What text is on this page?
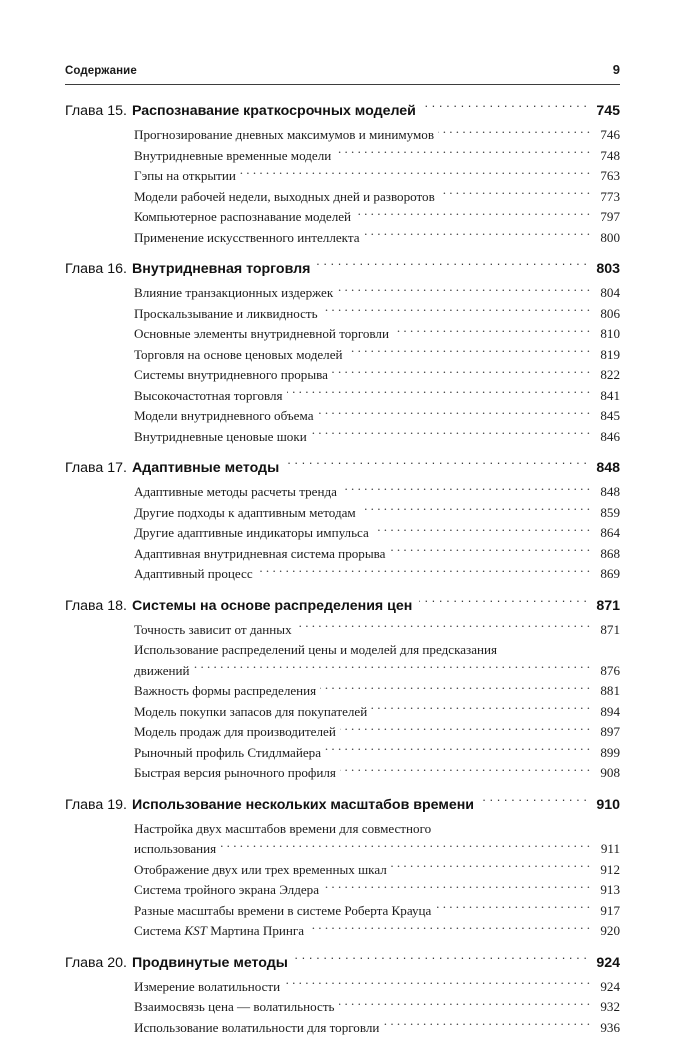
Содержание	9
Глава 15. Распознавание краткосрочных моделей . . .	745
Прогнозирование дневных максимумов и минимумов . . .	746
Внутридневные временные модели . . .	748
Гэпы на открытии . . .	763
Модели рабочей недели, выходных дней и разворотов . . .	773
Компьютерное распознавание моделей . . .	797
Применение искусственного интеллекта . . .	800
Глава 16. Внутридневная торговля . . .	803
Влияние транзакционных издержек . . .	804
Проскальзывание и ликвидность . . .	806
Основные элементы внутридневной торговли . . .	810
Торговля на основе ценовых моделей . . .	819
Системы внутридневного прорыва . . .	822
Высокочастотная торговля . . .	841
Модели внутридневного объема . . .	845
Внутридневные ценовые шоки . . .	846
Глава 17. Адаптивные методы . . .	848
Адаптивные методы расчеты тренда . . .	848
Другие подходы к адаптивным методам . . .	859
Другие адаптивные индикаторы импульса . . .	864
Адаптивная внутридневная система прорыва . . .	868
Адаптивный процесс . . .	869
Глава 18. Системы на основе распределения цен . . .	871
Точность зависит от данных . . .	871
Использование распределений цены и моделей для предсказания
движений . . .	876
Важность формы распределения . . .	881
Модель покупки запасов для покупателей . . .	894
Модель продаж для производителей . . .	897
Рыночный профиль Стидлмайера . . .	899
Быстрая версия рыночного профиля . . .	908
Глава 19. Использование нескольких масштабов времени . . .	910
Настройка двух масштабов времени для совместного
использования . . .	911
Отображение двух или трех временных шкал . . .	912
Система тройного экрана Элдера . . .	913
Разные масштабы времени в системе Роберта Крауца . . .	917
Система KST Мартина Принга . . .	920
Глава 20. Продвинутые методы . . .	924
Измерение волатильности . . .	924
Взаимосвязь цена — волатильность . . .	932
Использование волатильности для торговли . . .	936
